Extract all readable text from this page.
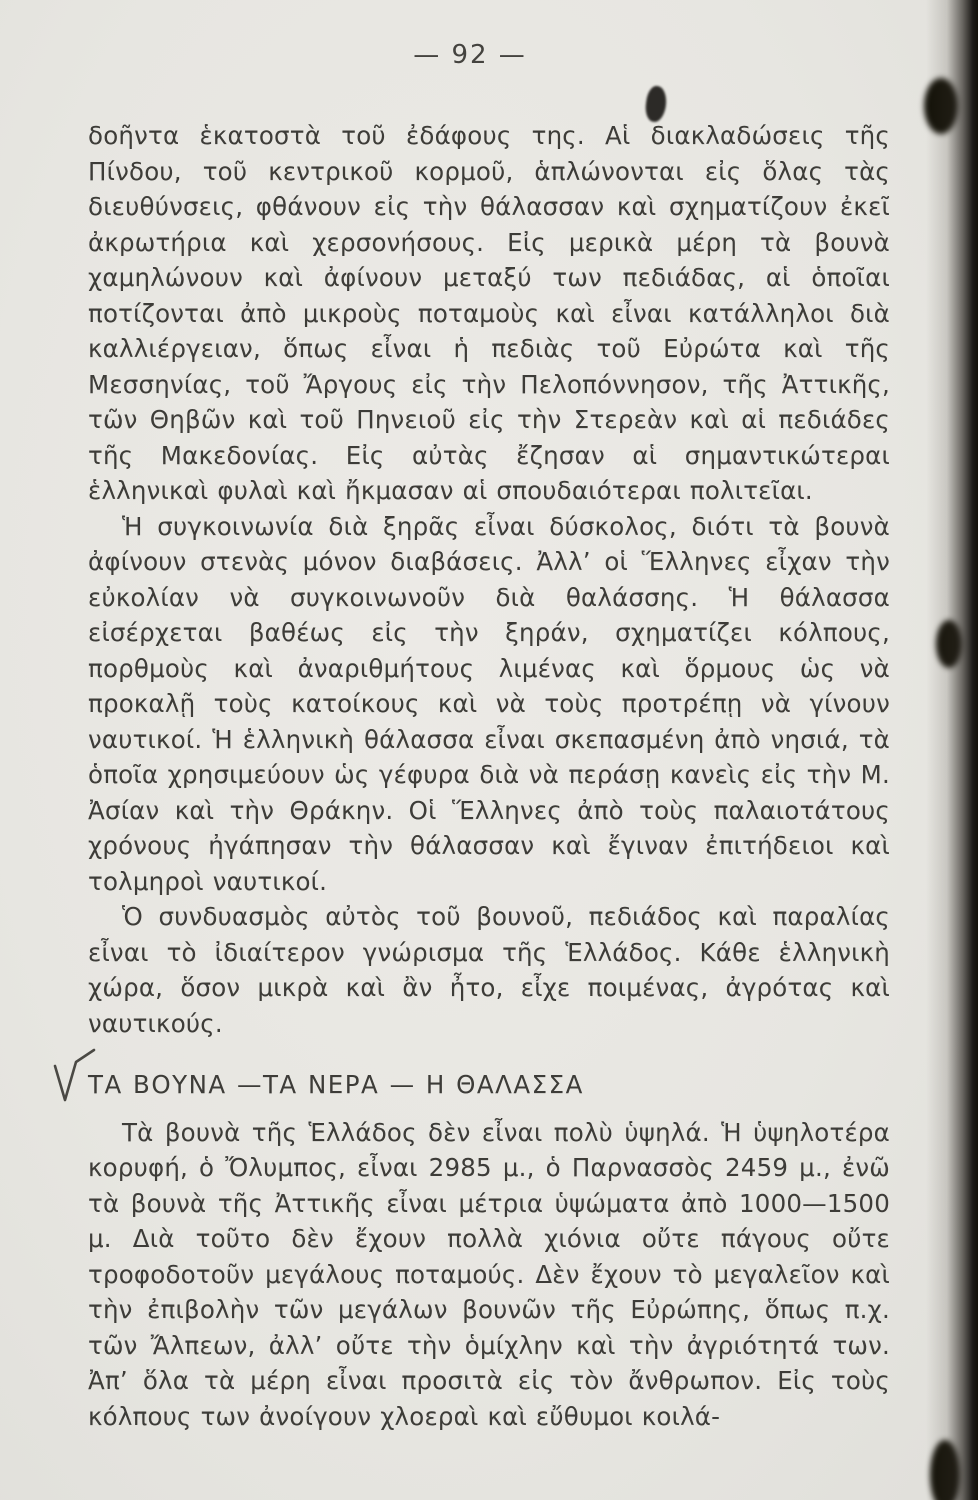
— 92 —

δοῆντα ἑκατοστὰ τοῦ ἐδάφους της. Αἱ διακλαδώσεις τῆς Πίνδου, τοῦ κεντρικοῦ κορμοῦ, ἁπλώνονται εἰς ὅλας τὰς διευθύνσεις, φθάνουν εἰς τὴν θάλασσαν καὶ σχηματίζουν ἐκεῖ ἀκρωτήρια καὶ χερσονήσους. Εἰς μερικὰ μέρη τὰ βουνὰ χαμηλώνουν καὶ ἀφίνουν μεταξύ των πεδιάδας, αἱ ὁποῖαι ποτίζονται ἀπὸ μικροὺς ποταμοὺς καὶ εἶναι κατάλληλοι διὰ καλλιέργειαν, ὅπως εἶναι ἡ πεδιὰς τοῦ Εὐρώτα καὶ τῆς Μεσσηνίας, τοῦ Ἄργους εἰς τὴν Πελοπόννησον, τῆς Ἀττικῆς, τῶν Θηβῶν καὶ τοῦ Πηνειοῦ εἰς τὴν Στερεὰν καὶ αἱ πεδιάδες τῆς Μακεδονίας. Εἰς αὐτὰς ἔζησαν αἱ σημαντικώτεραι ἑλληνικαὶ φυλαὶ καὶ ἤκμασαν αἱ σπουδαιότεραι πολιτεῖαι.

Ἡ συγκοινωνία διὰ ξηρᾶς εἶναι δύσκολος, διότι τὰ βουνὰ ἀφίνουν στενὰς μόνον διαβάσεις. Ἀλλ’ οἱ Ἕλληνες εἶχαν τὴν εὐκολίαν νὰ συγκοινωνοῦν διὰ θαλάσσης. Ἡ θάλασσα εἰσέρχεται βαθέως εἰς τὴν ξηράν, σχηματίζει κόλπους, πορθμοὺς καὶ ἀναριθμήτους λιμένας καὶ ὅρμους ὡς νὰ προκαλῇ τοὺς κατοίκους καὶ νὰ τοὺς προτρέπῃ νὰ γίνουν ναυτικοί. Ἡ ἑλληνικὴ θάλασσα εἶναι σκεπασμένη ἀπὸ νησιά, τὰ ὁποῖα χρησιμεύουν ὡς γέφυρα διὰ νὰ περάσῃ κανεὶς εἰς τὴν Μ. Ἀσίαν καὶ τὴν Θράκην. Οἱ Ἕλληνες ἀπὸ τοὺς παλαιοτάτους χρόνους ἠγάπησαν τὴν θάλασσαν καὶ ἔγιναν ἐπιτήδειοι καὶ τολμηροὶ ναυτικοί.

Ὁ συνδυασμὸς αὐτὸς τοῦ βουνοῦ, πεδιάδος καὶ παραλίας εἶναι τὸ ἰδιαίτερον γνώρισμα τῆς Ἑλλάδος. Κάθε ἑλληνικὴ χώρα, ὅσον μικρὰ καὶ ἂν ἦτο, εἶχε ποιμένας, ἀγρότας καὶ ναυτικούς.

ΤΑ ΒΟΥΝΑ —ΤΑ ΝΕΡΑ — Η ΘΑΛΑΣΣΑ

Τὰ βουνὰ τῆς Ἑλλάδος δὲν εἶναι πολὺ ὑψηλά. Ἡ ὑψηλοτέρα κορυφή, ὁ Ὄλυμπος, εἶναι 2985 μ., ὁ Παρνασσὸς 2459 μ., ἐνῶ τὰ βουνὰ τῆς Ἀττικῆς εἶναι μέτρια ὑψώματα ἀπὸ 1000—1500 μ. Διὰ τοῦτο δὲν ἔχουν πολλὰ χιόνια οὔτε πάγους οὔτε τροφοδοτοῦν μεγάλους ποταμούς. Δὲν ἔχουν τὸ μεγαλεῖον καὶ τὴν ἐπιβολὴν τῶν μεγάλων βουνῶν τῆς Εὐρώπης, ὅπως π.χ. τῶν Ἄλπεων, ἀλλ’ οὔτε τὴν ὁμίχλην καὶ τὴν ἀγριότητά των. Ἀπ’ ὅλα τὰ μέρη εἶναι προσιτὰ εἰς τὸν ἄνθρωπον. Εἰς τοὺς κόλπους των ἀνοίγουν χλοεραὶ καὶ εὔθυμοι κοιλά-
